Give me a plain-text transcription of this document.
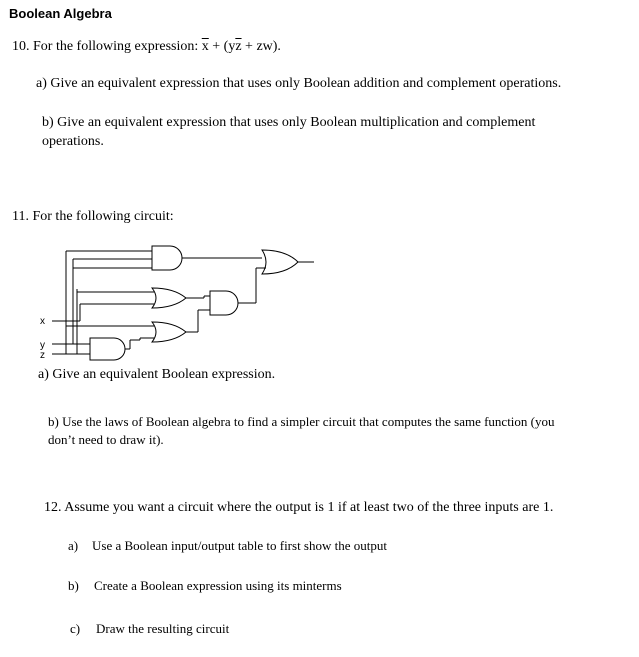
Boolean Algebra
10. For the following expression: $\overline{x} + (y\overline{z} + zw)$.
a) Give an equivalent expression that uses only Boolean addition and complement operations.
b) Give an equivalent expression that uses only Boolean multiplication and complement
operations.
11. For the following circuit:
x
y
z
a) Give an equivalent Boolean expression.
b) Use the laws of Boolean algebra to find a simpler circuit that computes the same function (you
don’t need to draw it).
12. Assume you want a circuit where the output is 1 if at least two of the three inputs are 1.
a) Use a Boolean input/output table to first show the output
b) Create a Boolean expression using its minterms
c) Draw the resulting circuit
